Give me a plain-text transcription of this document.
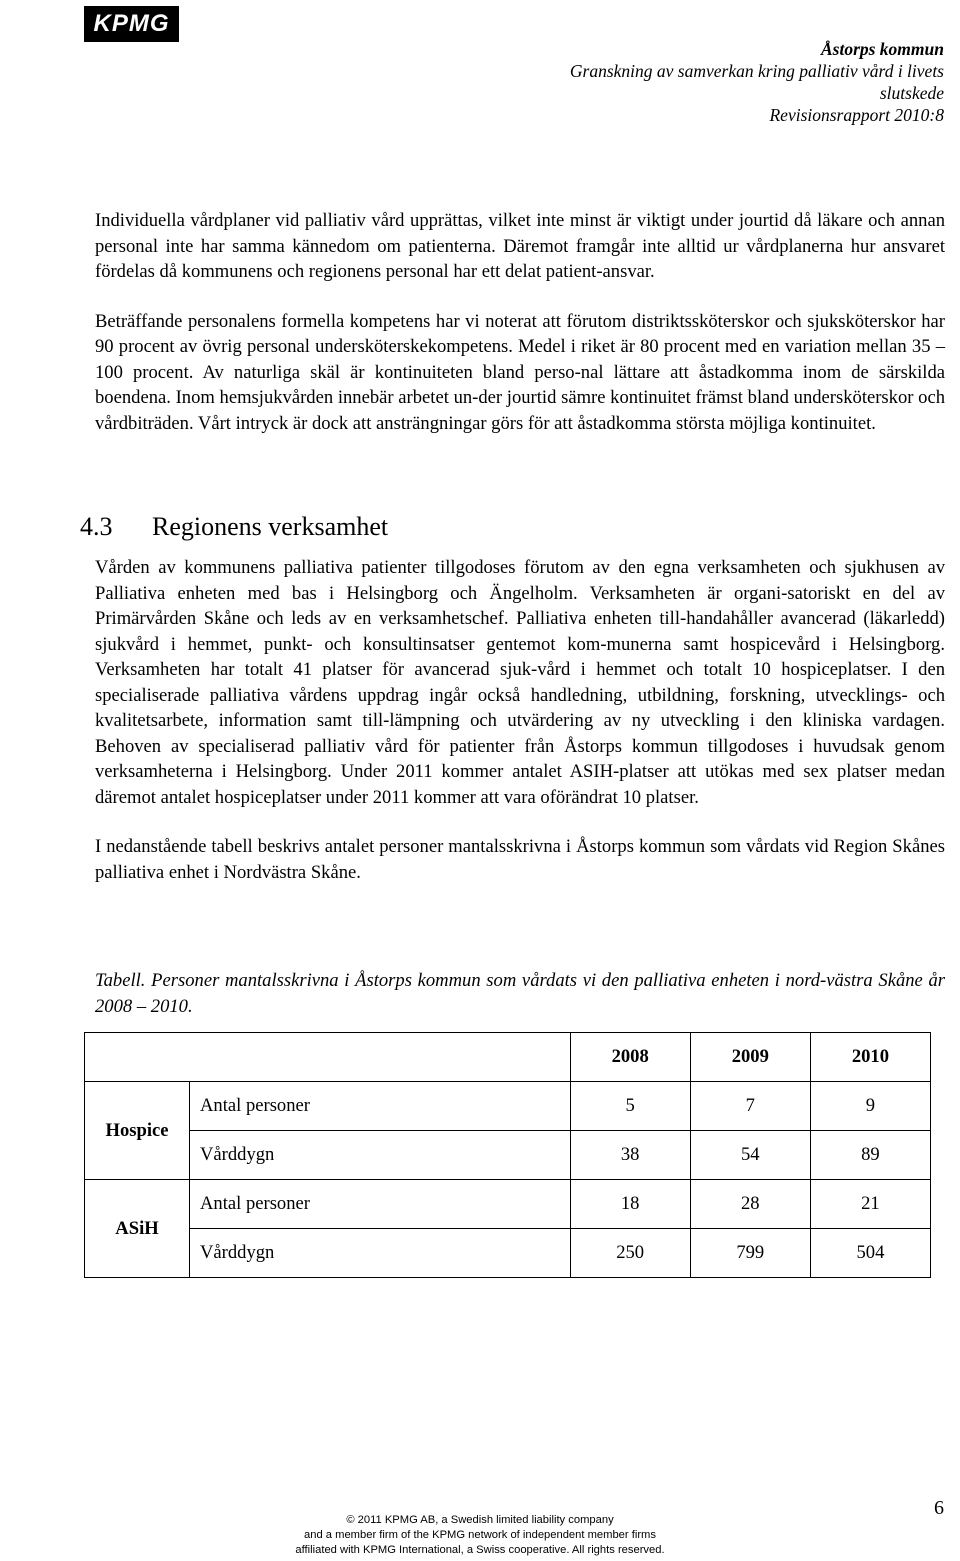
KPMG
Åstorps kommun
Granskning av samverkan kring palliativ vård i livets
slutskede
Revisionsrapport 2010:8

Individuella vårdplaner vid palliativ vård upprättas, vilket inte minst är viktigt under jourtid då läkare och annan personal inte har samma kännedom om patienterna. Däremot framgår inte alltid ur vårdplanerna hur ansvaret fördelas då kommunens och regionens personal har ett delat patient-ansvar.

Beträffande personalens formella kompetens har vi noterat att förutom distriktssköterskor och sjuksköterskor har 90 procent av övrig personal undersköterskekompetens. Medel i riket är 80 procent med en variation mellan 35 – 100 procent. Av naturliga skäl är kontinuiteten bland perso-nal lättare att åstadkomma inom de särskilda boendena. Inom hemsjukvården innebär arbetet un-der jourtid sämre kontinuitet främst bland undersköterskor och vårdbiträden. Vårt intryck är dock att ansträngningar görs för att åstadkomma största möjliga kontinuitet.

4.3 Regionens verksamhet

Vården av kommunens palliativa patienter tillgodoses förutom av den egna verksamheten och sjukhusen av Palliativa enheten med bas i Helsingborg och Ängelholm. Verksamheten är organi-satoriskt en del av Primärvården Skåne och leds av en verksamhetschef. Palliativa enheten till-handahåller avancerad (läkarledd) sjukvård i hemmet, punkt- och konsultinsatser gentemot kom-munerna samt hospicevård i Helsingborg. Verksamheten har totalt 41 platser för avancerad sjuk-vård i hemmet och totalt 10 hospiceplatser. I den specialiserade palliativa vårdens uppdrag ingår också handledning, utbildning, forskning, utvecklings- och kvalitetsarbete, information samt till-lämpning och utvärdering av ny utveckling i den kliniska vardagen. Behoven av specialiserad palliativ vård för patienter från Åstorps kommun tillgodoses i huvudsak genom verksamheterna i Helsingborg. Under 2011 kommer antalet ASIH-platser att utökas med sex platser medan däremot antalet hospiceplatser under 2011 kommer att vara oförändrat 10 platser.

I nedanstående tabell beskrivs antalet personer mantalsskrivna i Åstorps kommun som vårdats vid Region Skånes palliativa enhet i Nordvästra Skåne.

Tabell. Personer mantalsskrivna i Åstorps kommun som vårdats vi den palliativa enheten i nord-västra Skåne år 2008 – 2010.
		2008	2009	2010
Hospice	Antal personer	5	7	9
	Vårddygn	38	54	89
ASiH	Antal personer	18	28	21
	Vårddygn	250	799	504
© 2011 KPMG AB, a Swedish limited liability company
and a member firm of the KPMG network of independent member firms
affiliated with KPMG International, a Swiss cooperative. All rights reserved.
6
